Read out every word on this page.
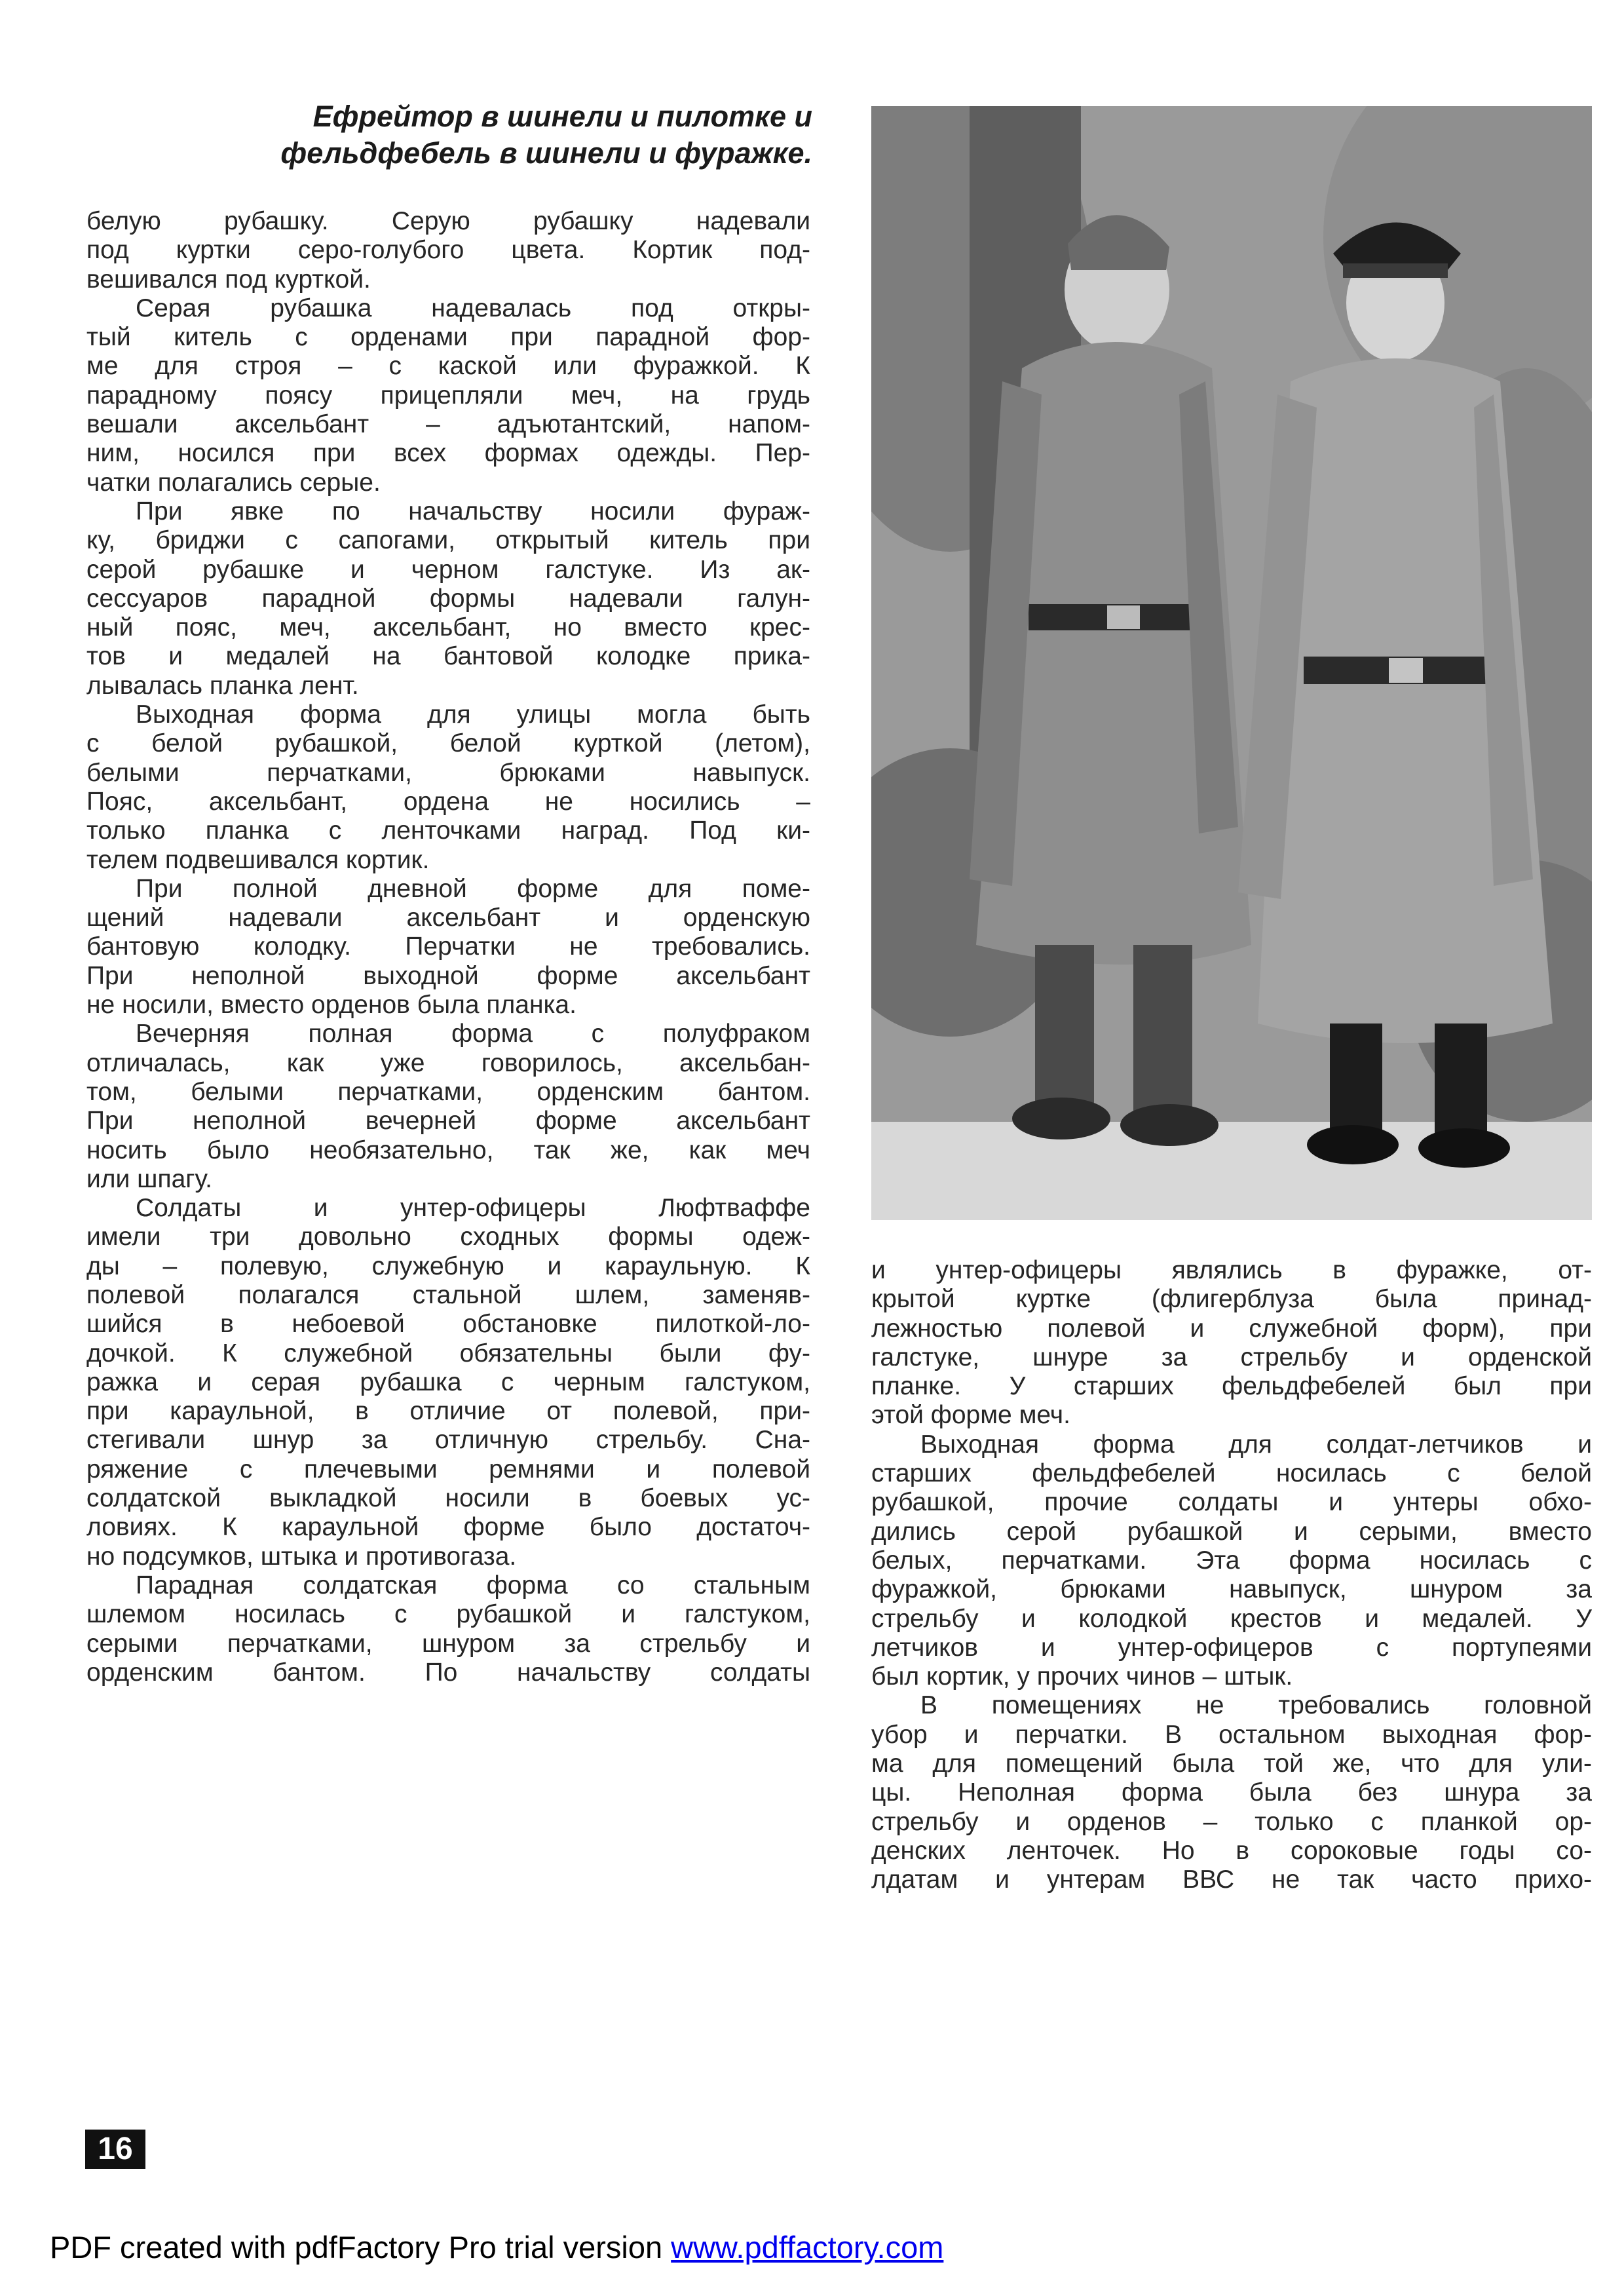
Ефрейтор в шинели и пилотке и
фельдфебель в шинели и фуражке.
белую рубашку. Серую рубашку надевали
под куртки серо-голубого цвета. Кортик под-
вешивался под курткой.
Серая рубашка надевалась под откры-
тый китель с орденами при парадной фор-
ме для строя – с каской или фуражкой. К
парадному поясу прицепляли меч, на грудь
вешали аксельбант – адъютантский, напом-
ним, носился при всех формах одежды. Пер-
чатки полагались серые.
При явке по начальству носили фураж-
ку, бриджи с сапогами, открытый китель при
серой рубашке и черном галстуке. Из ак-
сессуаров парадной формы надевали галун-
ный пояс, меч, аксельбант, но вместо крес-
тов и медалей на бантовой колодке прика-
лывалась планка лент.
Выходная форма для улицы могла быть
с белой рубашкой, белой курткой (летом),
белыми перчатками, брюками навыпуск.
Пояс, аксельбант, ордена не носились –
только планка с ленточками наград. Под ки-
телем подвешивался кортик.
При полной дневной форме для поме-
щений надевали аксельбант и орденскую
бантовую колодку. Перчатки не требовались.
При неполной выходной форме аксельбант
не носили, вместо орденов была планка.
Вечерняя полная форма с полуфраком
отличалась, как уже говорилось, аксельбан-
том, белыми перчатками, орденским бантом.
При неполной вечерней форме аксельбант
носить было необязательно, так же, как меч
или шпагу.
Солдаты и унтер-офицеры Люфтваффе
имели три довольно сходных формы одеж-
ды – полевую, служебную и караульную. К
полевой полагался стальной шлем, заменяв-
шийся в небоевой обстановке пилоткой-ло-
дочкой. К служебной обязательны были фу-
ражка и серая рубашка с черным галстуком,
при караульной, в отличие от полевой, при-
стегивали шнур за отличную стрельбу. Сна-
ряжение с плечевыми ремнями и полевой
солдатской выкладкой носили в боевых ус-
ловиях. К караульной форме было достаточ-
но подсумков, штыка и противогаза.
Парадная солдатская форма со стальным
шлемом носилась с рубашкой и галстуком,
серыми перчатками, шнуром за стрельбу и
орденским бантом. По начальству солдаты
и унтер-офицеры являлись в фуражке, от-
крытой куртке (флигерблуза была принад-
лежностью полевой и служебной форм), при
галстуке, шнуре за стрельбу и орденской
планке. У старших фельдфебелей был при
этой форме меч.
Выходная форма для солдат-летчиков и
старших фельдфебелей носилась с белой
рубашкой, прочие солдаты и унтеры обхо-
дились серой рубашкой и серыми, вместо
белых, перчатками. Эта форма носилась с
фуражкой, брюками навыпуск, шнуром за
стрельбу и колодкой крестов и медалей. У
летчиков и унтер-офицеров с портупеями
был кортик, у прочих чинов – штык.
В помещениях не требовались головной
убор и перчатки. В остальном выходная фор-
ма для помещений была той же, что для ули-
цы. Неполная форма была без шнура за
стрельбу и орденов – только с планкой ор-
денских ленточек. Но в сороковые годы со-
лдатам и унтерам ВВС не так часто прихо-
16
PDF created with pdfFactory Pro trial version www.pdffactory.com
